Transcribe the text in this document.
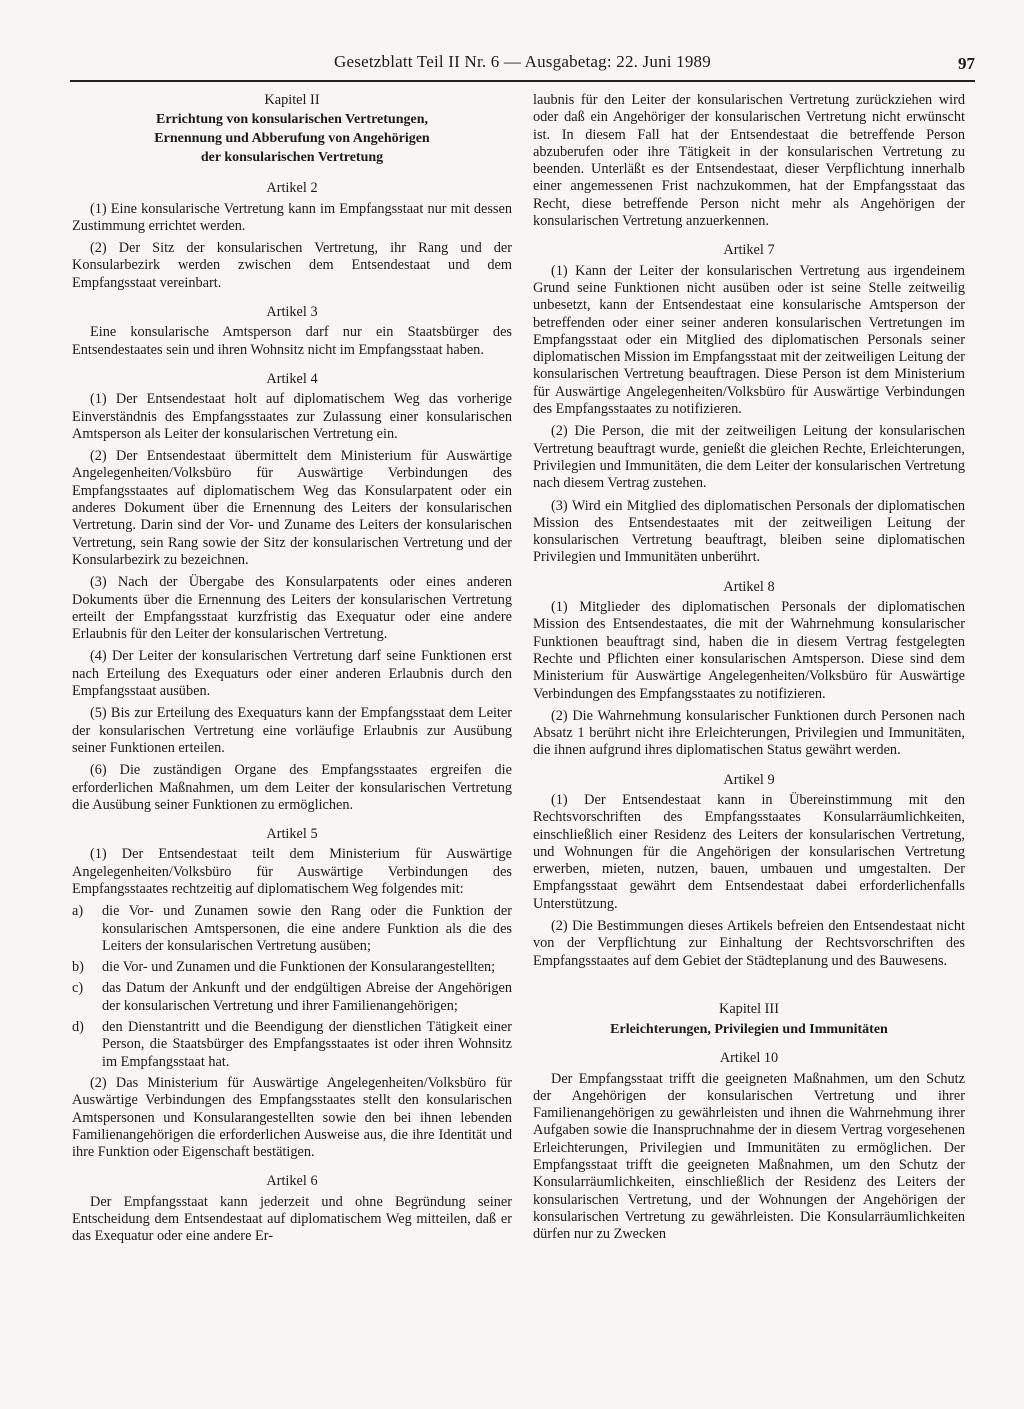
Gesetzblatt Teil II Nr. 6 — Ausgabetag: 22. Juni 1989	97
Kapitel II
Errichtung von konsularischen Vertretungen,
Ernennung und Abberufung von Angehörigen
der konsularischen Vertretung
Artikel 2

(1) Eine konsularische Vertretung kann im Empfangsstaat nur mit dessen Zustimmung errichtet werden.

(2) Der Sitz der konsularischen Vertretung, ihr Rang und der Konsularbezirk werden zwischen dem Entsendestaat und dem Empfangsstaat vereinbart.

Artikel 3

Eine konsularische Amtsperson darf nur ein Staatsbürger des Entsendestaates sein und ihren Wohnsitz nicht im Empfangsstaat haben.

Artikel 4

(1) Der Entsendestaat holt auf diplomatischem Weg das vorherige Einverständnis des Empfangsstaates zur Zulassung einer konsularischen Amtsperson als Leiter der konsularischen Vertretung ein.

(2) Der Entsendestaat übermittelt dem Ministerium für Auswärtige Angelegenheiten/Volksbüro für Auswärtige Verbindungen des Empfangsstaates auf diplomatischem Weg das Konsularpatent oder ein anderes Dokument über die Ernennung des Leiters der konsularischen Vertretung. Darin sind der Vor- und Zuname des Leiters der konsularischen Vertretung, sein Rang sowie der Sitz der konsularischen Vertretung und der Konsularbezirk zu bezeichnen.

(3) Nach der Übergabe des Konsularpatents oder eines anderen Dokuments über die Ernennung des Leiters der konsularischen Vertretung erteilt der Empfangsstaat kurzfristig das Exequatur oder eine andere Erlaubnis für den Leiter der konsularischen Vertretung.

(4) Der Leiter der konsularischen Vertretung darf seine Funktionen erst nach Erteilung des Exequaturs oder einer anderen Erlaubnis durch den Empfangsstaat ausüben.

(5) Bis zur Erteilung des Exequaturs kann der Empfangsstaat dem Leiter der konsularischen Vertretung eine vorläufige Erlaubnis zur Ausübung seiner Funktionen erteilen.

(6) Die zuständigen Organe des Empfangsstaates ergreifen die erforderlichen Maßnahmen, um dem Leiter der konsularischen Vertretung die Ausübung seiner Funktionen zu ermöglichen.

Artikel 5

(1) Der Entsendestaat teilt dem Ministerium für Auswärtige Angelegenheiten/Volksbüro für Auswärtige Verbindungen des Empfangsstaates rechtzeitig auf diplomatischem Weg folgendes mit:

a)	die Vor- und Zunamen sowie den Rang oder die Funktion der konsularischen Amtspersonen, die eine andere Funktion als die des Leiters der konsularischen Vertretung ausüben;
b)	die Vor- und Zunamen und die Funktionen der Konsularangestellten;
c)	das Datum der Ankunft und der endgültigen Abreise der Angehörigen der konsularischen Vertretung und ihrer Familienangehörigen;
d)	den Dienstantritt und die Beendigung der dienstlichen Tätigkeit einer Person, die Staatsbürger des Empfangsstaates ist oder ihren Wohnsitz im Empfangsstaat hat.

(2) Das Ministerium für Auswärtige Angelegenheiten/Volksbüro für Auswärtige Verbindungen des Empfangsstaates stellt den konsularischen Amtspersonen und Konsularangestellten sowie den bei ihnen lebenden Familienangehörigen die erforderlichen Ausweise aus, die ihre Identität und ihre Funktion oder Eigenschaft bestätigen.

Artikel 6

Der Empfangsstaat kann jederzeit und ohne Begründung seiner Entscheidung dem Entsendestaat auf diplomatischem Weg mitteilen, daß er das Exequatur oder eine andere Er-

laubnis für den Leiter der konsularischen Vertretung zurückziehen wird oder daß ein Angehöriger der konsularischen Vertretung nicht erwünscht ist. In diesem Fall hat der Entsendestaat die betreffende Person abzuberufen oder ihre Tätigkeit in der konsularischen Vertretung zu beenden. Unterläßt es der Entsendestaat, dieser Verpflichtung innerhalb einer angemessenen Frist nachzukommen, hat der Empfangsstaat das Recht, diese betreffende Person nicht mehr als Angehörigen der konsularischen Vertretung anzuerkennen.

Artikel 7

(1) Kann der Leiter der konsularischen Vertretung aus irgendeinem Grund seine Funktionen nicht ausüben oder ist seine Stelle zeitweilig unbesetzt, kann der Entsendestaat eine konsularische Amtsperson der betreffenden oder einer seiner anderen konsularischen Vertretungen im Empfangsstaat oder ein Mitglied des diplomatischen Personals seiner diplomatischen Mission im Empfangsstaat mit der zeitweiligen Leitung der konsularischen Vertretung beauftragen. Diese Person ist dem Ministerium für Auswärtige Angelegenheiten/Volksbüro für Auswärtige Verbindungen des Empfangsstaates zu notifizieren.

(2) Die Person, die mit der zeitweiligen Leitung der konsularischen Vertretung beauftragt wurde, genießt die gleichen Rechte, Erleichterungen, Privilegien und Immunitäten, die dem Leiter der konsularischen Vertretung nach diesem Vertrag zustehen.

(3) Wird ein Mitglied des diplomatischen Personals der diplomatischen Mission des Entsendestaates mit der zeitweiligen Leitung der konsularischen Vertretung beauftragt, bleiben seine diplomatischen Privilegien und Immunitäten unberührt.

Artikel 8

(1) Mitglieder des diplomatischen Personals der diplomatischen Mission des Entsendestaates, die mit der Wahrnehmung konsularischer Funktionen beauftragt sind, haben die in diesem Vertrag festgelegten Rechte und Pflichten einer konsularischen Amtsperson. Diese sind dem Ministerium für Auswärtige Angelegenheiten/Volksbüro für Auswärtige Verbindungen des Empfangsstaates zu notifizieren.

(2) Die Wahrnehmung konsularischer Funktionen durch Personen nach Absatz 1 berührt nicht ihre Erleichterungen, Privilegien und Immunitäten, die ihnen aufgrund ihres diplomatischen Status gewährt werden.

Artikel 9

(1) Der Entsendestaat kann in Übereinstimmung mit den Rechtsvorschriften des Empfangsstaates Konsularräumlichkeiten, einschließlich einer Residenz des Leiters der konsularischen Vertretung, und Wohnungen für die Angehörigen der konsularischen Vertretung erwerben, mieten, nutzen, bauen, umbauen und umgestalten. Der Empfangsstaat gewährt dem Entsendestaat dabei erforderlichenfalls Unterstützung.

(2) Die Bestimmungen dieses Artikels befreien den Entsendestaat nicht von der Verpflichtung zur Einhaltung der Rechtsvorschriften des Empfangsstaates auf dem Gebiet der Städteplanung und des Bauwesens.

Kapitel III
Erleichterungen, Privilegien und Immunitäten
Artikel 10

Der Empfangsstaat trifft die geeigneten Maßnahmen, um den Schutz der Angehörigen der konsularischen Vertretung und ihrer Familienangehörigen zu gewährleisten und ihnen die Wahrnehmung ihrer Aufgaben sowie die Inanspruchnahme der in diesem Vertrag vorgesehenen Erleichterungen, Privilegien und Immunitäten zu ermöglichen. Der Empfangsstaat trifft die geeigneten Maßnahmen, um den Schutz der Konsularräumlichkeiten, einschließlich der Residenz des Leiters der konsularischen Vertretung, und der Wohnungen der Angehörigen der konsularischen Vertretung zu gewährleisten. Die Konsularräumlichkeiten dürfen nur zu Zwecken
